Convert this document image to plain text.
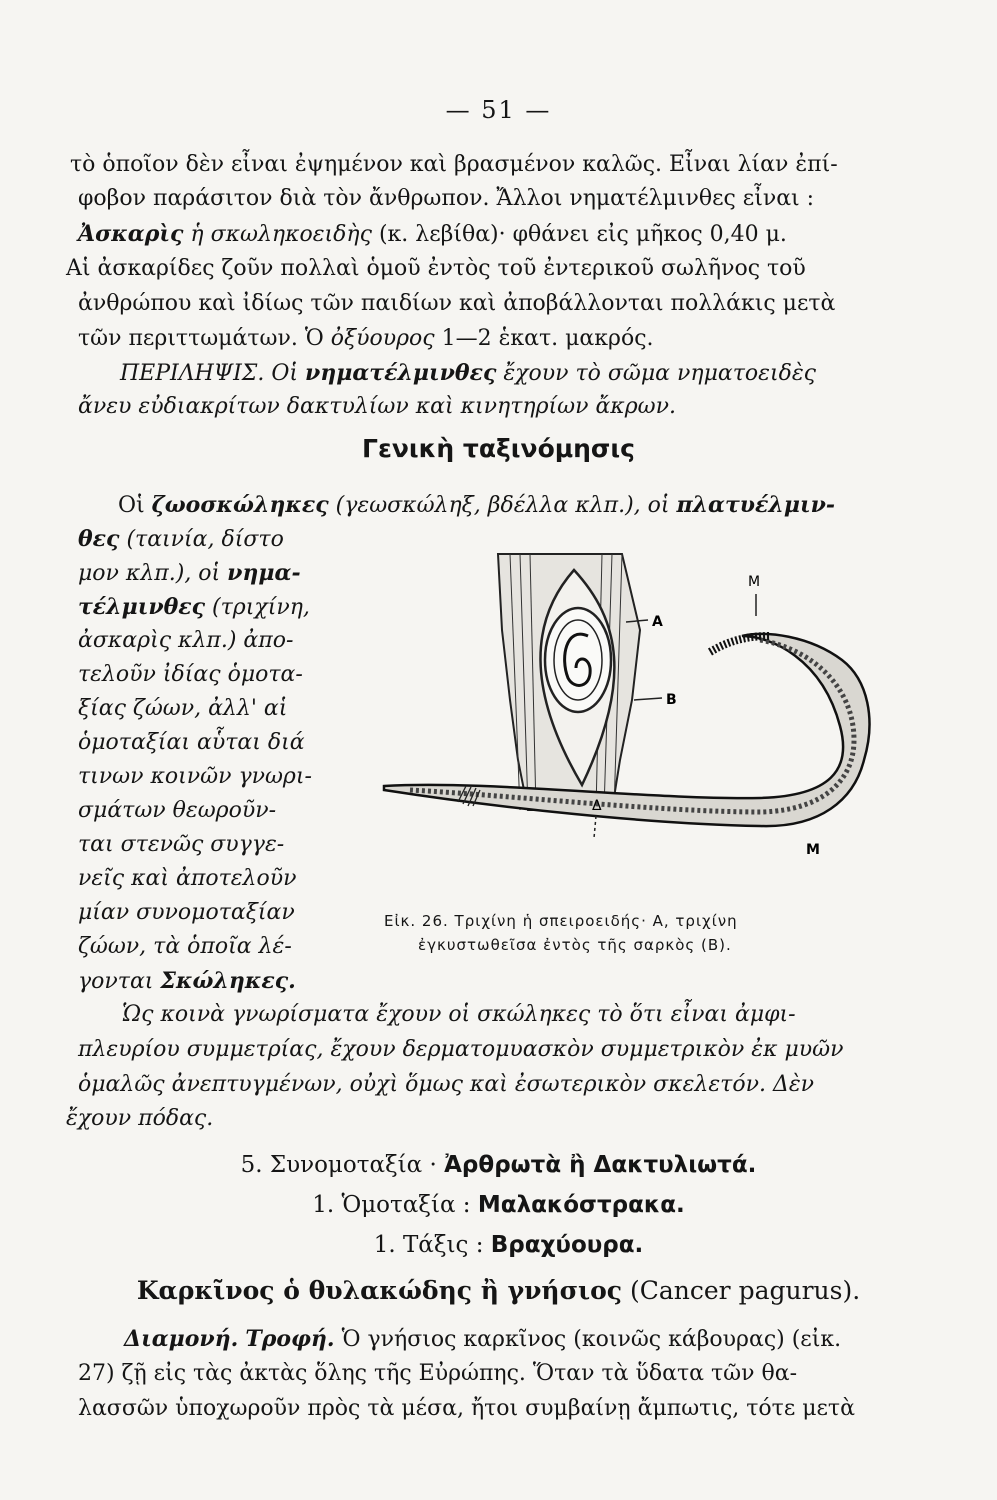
— 51 —
τὸ ὁποῖον δὲν εἶναι ἐψημένον καὶ βρασμένον καλῶς. Εἶναι λίαν ἐπί-
φοβον παράσιτον διὰ τὸν ἄνθρωπον. Ἄλλοι νηματέλμινθες εἶναι :
Ἀσκαρὶς ἡ σκωληκοειδὴς (κ. λεβίθα)· φθάνει εἰς μῆκος 0,40 μ.
Αἱ ἀσκαρίδες ζοῦν πολλαὶ ὁμοῦ ἐντὸς τοῦ ἐντερικοῦ σωλῆνος τοῦ
ἀνθρώπου καὶ ἰδίως τῶν παιδίων καὶ ἀποβάλλονται πολλάκις μετὰ
τῶν περιττωμάτων. Ὁ ὀξύουρος 1—2 ἑκατ. μακρός.
ΠΕΡΙΛΗΨΙΣ. Οἱ νηματέλμινθες ἔχουν τὸ σῶμα νηματοειδὲς
ἄνευ εὐδιακρίτων δακτυλίων καὶ κινητηρίων ἄκρων.
Γενικὴ ταξινόμησις
Οἱ ζωοσκώληκες (γεωσκώληξ, βδέλλα κλπ.), οἱ πλατυέλμιν-
θες (ταινία, δίστο
μον κλπ.), οἱ νημα-
τέλμινθες (τριχίνη,
ἀσκαρὶς κλπ.) ἀπο-
τελοῦν ἰδίας ὁμοτα-
ξίας ζώων, ἀλλ' αἱ
ὁμοταξίαι αὗται διά
τινων κοινῶν γνωρι-
σμάτων θεωροῦν-
ται στενῶς συγγε-
νεῖς καὶ ἀποτελοῦν
μίαν συνομοταξίαν
ζώων, τὰ ὁποῖα λέ-
γονται Σκώληκες.
A
B
M
Δ
M
Εἰκ. 26. Τριχίνη ἡ σπειροειδής· Α, τριχίνη
ἐγκυστωθεῖσα ἐντὸς τῆς σαρκὸς (Β).
Ὡς κοινὰ γνωρίσματα ἔχουν οἱ σκώληκες τὸ ὅτι εἶναι ἀμφι-
πλευρίου συμμετρίας, ἔχουν δερματομυασκὸν συμμετρικὸν ἐκ μυῶν
ὁμαλῶς ἀνεπτυγμένων, οὐχὶ ὅμως καὶ ἐσωτερικὸν σκελετόν. Δὲν
ἔχουν πόδας.
5. Συνομοταξία · Ἀρθρωτὰ ἢ Δακτυλιωτά.
1. Ὁμοταξία : Μαλακόστρακα.
1. Τάξις : Βραχύουρα.
Καρκῖνος ὁ θυλακώδης ἢ γνήσιος (Cancer pagurus).
Διαμονή. Τροφή. Ὁ γνήσιος καρκῖνος (κοινῶς κάβουρας) (εἰκ.
27) ζῇ εἰς τὰς ἀκτὰς ὅλης τῆς Εὐρώπης. Ὅταν τὰ ὕδατα τῶν θα-
λασσῶν ὑποχωροῦν πρὸς τὰ μέσα, ἤτοι συμβαίνῃ ἄμπωτις, τότε μετὰ
